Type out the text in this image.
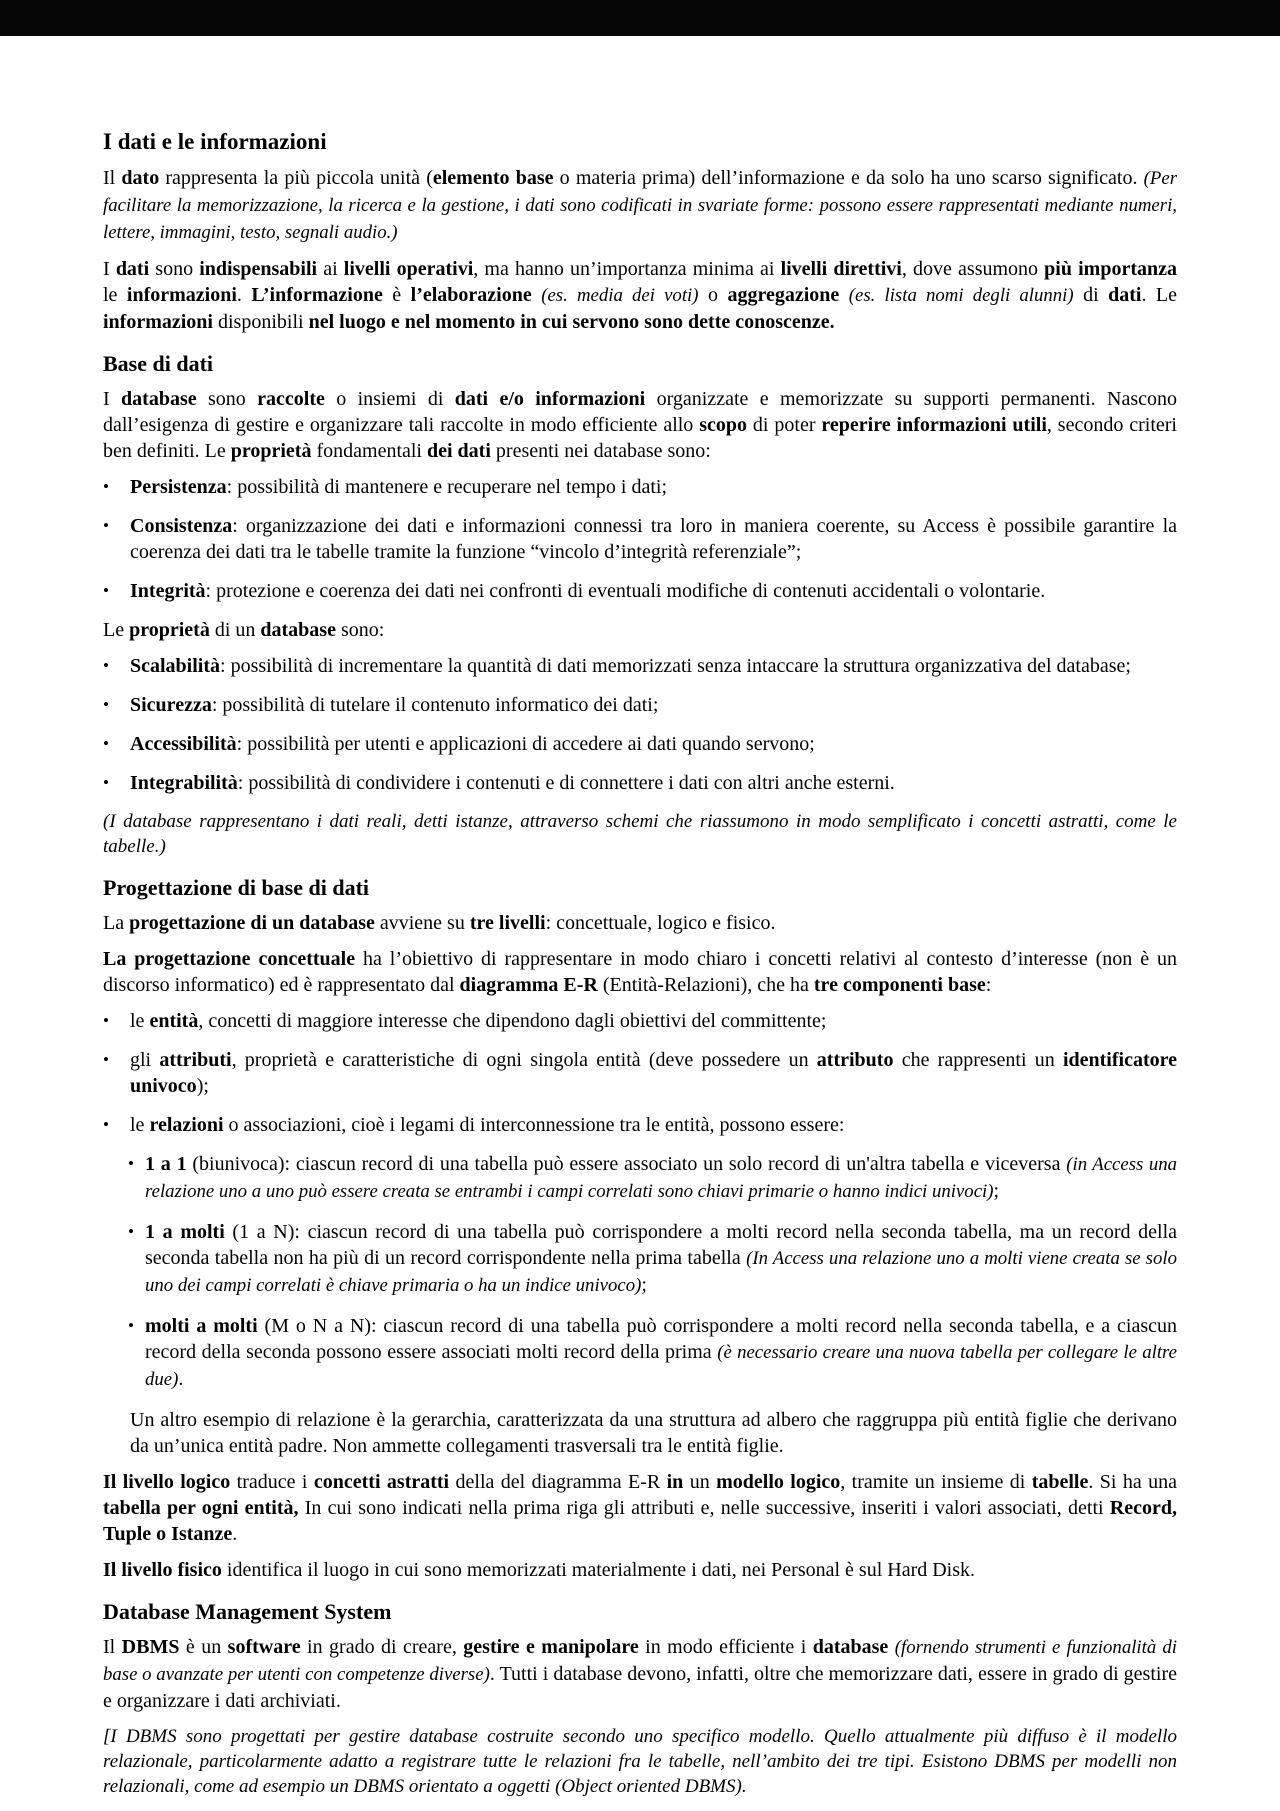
I dati e le informazioni
Il dato rappresenta la più piccola unità (elemento base o materia prima) dell’informazione e da solo ha uno scarso significato. (Per facilitare la memorizzazione, la ricerca e la gestione, i dati sono codificati in svariate forme: possono essere rappresentati mediante numeri, lettere, immagini, testo, segnali audio.)
I dati sono indispensabili ai livelli operativi, ma hanno un’importanza minima ai livelli direttivi, dove assumono più importanza le informazioni. L’informazione è l’elaborazione (es. media dei voti) o aggregazione (es. lista nomi degli alunni) di dati. Le informazioni disponibili nel luogo e nel momento in cui servono sono dette conoscenze.
Base di dati
I database sono raccolte o insiemi di dati e/o informazioni organizzate e memorizzate su supporti permanenti. Nascono dall’esigenza di gestire e organizzare tali raccolte in modo efficiente allo scopo di poter reperire informazioni utili, secondo criteri ben definiti. Le proprietà fondamentali dei dati presenti nei database sono:
•	Persistenza: possibilità di mantenere e recuperare nel tempo i dati;
•	Consistenza: organizzazione dei dati e informazioni connessi tra loro in maniera coerente, su Access è possibile garantire la coerenza dei dati tra le tabelle tramite la funzione “vincolo d’integrità referenziale”;
•	Integrità: protezione e coerenza dei dati nei confronti di eventuali modifiche di contenuti accidentali o volontarie.
Le proprietà di un database sono:
•	Scalabilità: possibilità di incrementare la quantità di dati memorizzati senza intaccare la struttura organizzativa del database;
•	Sicurezza: possibilità di tutelare il contenuto informatico dei dati;
•	Accessibilità: possibilità per utenti e applicazioni di accedere ai dati quando servono;
•	Integrabilità: possibilità di condividere i contenuti e di connettere i dati con altri anche esterni.
(I database rappresentano i dati reali, detti istanze, attraverso schemi che riassumono in modo semplificato i concetti astratti, come le tabelle.)
Progettazione di base di dati
La progettazione di un database avviene su tre livelli: concettuale, logico e fisico.
La progettazione concettuale ha l’obiettivo di rappresentare in modo chiaro i concetti relativi al contesto d’interesse (non è un discorso informatico) ed è rappresentato dal diagramma E-R (Entità-Relazioni), che ha tre componenti base:
•	le entità, concetti di maggiore interesse che dipendono dagli obiettivi del committente;
•	gli attributi, proprietà e caratteristiche di ogni singola entità (deve possedere un attributo che rappresenti un identificatore univoco);
•	le relazioni o associazioni, cioè i legami di interconnessione tra le entità, possono essere:
• 1 a 1 (biunivoca): ciascun record di una tabella può essere associato un solo record di un'altra tabella e viceversa (in Access una relazione uno a uno può essere creata se entrambi i campi correlati sono chiavi primarie o hanno indici univoci);
• 1 a molti (1 a N): ciascun record di una tabella può corrispondere a molti record nella seconda tabella, ma un record della seconda tabella non ha più di un record corrispondente nella prima tabella (In Access una relazione uno a molti viene creata se solo uno dei campi correlati è chiave primaria o ha un indice univoco);
• molti a molti (M o N a N): ciascun record di una tabella può corrispondere a molti record nella seconda tabella, e a ciascun record della seconda possono essere associati molti record della prima (è necessario creare una nuova tabella per collegare le altre due).
Un altro esempio di relazione è la gerarchia, caratterizzata da una struttura ad albero che raggruppa più entità figlie che derivano da un’unica entità padre. Non ammette collegamenti trasversali tra le entità figlie.
Il livello logico traduce i concetti astratti della del diagramma E-R in un modello logico, tramite un insieme di tabelle. Si ha una tabella per ogni entità, In cui sono indicati nella prima riga gli attributi e, nelle successive, inseriti i valori associati, detti Record, Tuple o Istanze.
Il livello fisico identifica il luogo in cui sono memorizzati materialmente i dati, nei Personal è sul Hard Disk.
Database Management System
Il DBMS è un software in grado di creare, gestire e manipolare in modo efficiente i database (fornendo strumenti e funzionalità di base o avanzate per utenti con competenze diverse). Tutti i database devono, infatti, oltre che memorizzare dati, essere in grado di gestire e organizzare i dati archiviati.
[I DBMS sono progettati per gestire database costruite secondo uno specifico modello. Quello attualmente più diffuso è il modello relazionale, particolarmente adatto a registrare tutte le relazioni fra le tabelle, nell’ambito dei tre tipi. Esistono DBMS per modelli non relazionali, come ad esempio un DBMS orientato a oggetti (Object oriented DBMS).
